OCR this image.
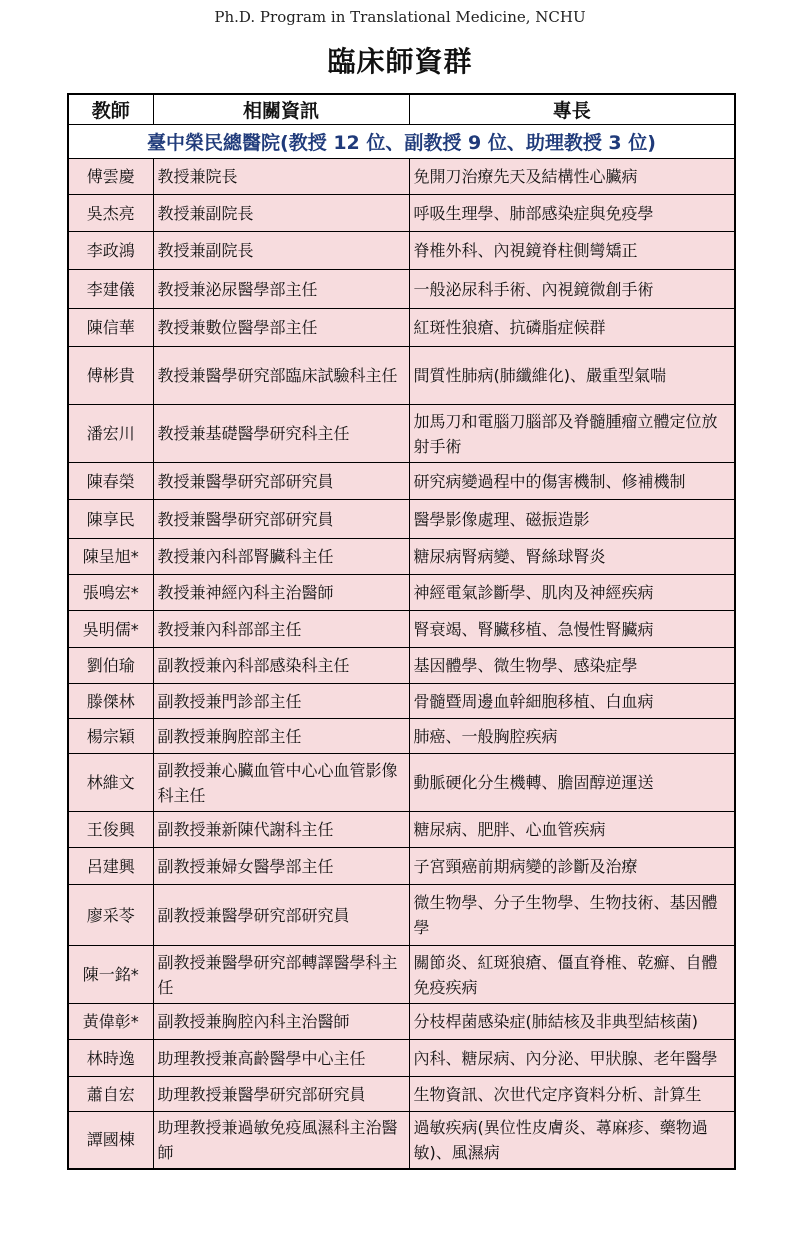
Ph.D. Program in Translational Medicine, NCHU
臨床師資群
教師	相關資訊	專長
臺中榮民總醫院(教授 12 位、副教授 9 位、助理教授 3 位)		
傅雲慶	教授兼院長	免開刀治療先天及結構性心臟病
吳杰亮	教授兼副院長	呼吸生理學、肺部感染症與免疫學
李政鴻	教授兼副院長	脊椎外科、內視鏡脊柱側彎矯正
李建儀	教授兼泌尿醫學部主任	一般泌尿科手術、內視鏡微創手術
陳信華	教授兼數位醫學部主任	紅斑性狼瘡、抗磷脂症候群
傅彬貴	教授兼醫學研究部臨床試驗科主任	間質性肺病(肺纖維化)、嚴重型氣喘
潘宏川	教授兼基礎醫學研究科主任	加馬刀和電腦刀腦部及脊髓腫瘤立體定位放射手術
陳春榮	教授兼醫學研究部研究員	研究病變過程中的傷害機制、修補機制
陳享民	教授兼醫學研究部研究員	醫學影像處理、磁振造影
陳呈旭*	教授兼內科部腎臟科主任	糖尿病腎病變、腎絲球腎炎
張鳴宏*	教授兼神經內科主治醫師	神經電氣診斷學、肌肉及神經疾病
吳明儒*	教授兼內科部部主任	腎衰竭、腎臟移植、急慢性腎臟病
劉伯瑜	副教授兼內科部感染科主任	基因體學、微生物學、感染症學
滕傑林	副教授兼門診部主任	骨髓暨周邊血幹細胞移植、白血病
楊宗穎	副教授兼胸腔部主任	肺癌、一般胸腔疾病
林維文	副教授兼心臟血管中心心血管影像科主任	動脈硬化分生機轉、膽固醇逆運送
王俊興	副教授兼新陳代謝科主任	糖尿病、肥胖、心血管疾病
呂建興	副教授兼婦女醫學部主任	子宮頸癌前期病變的診斷及治療
廖采苓	副教授兼醫學研究部研究員	微生物學、分子生物學、生物技術、基因體學
陳一銘*	副教授兼醫學研究部轉譯醫學科主任	關節炎、紅斑狼瘡、僵直脊椎、乾癬、自體免疫疾病
黃偉彰*	副教授兼胸腔內科主治醫師	分枝桿菌感染症(肺結核及非典型結核菌)
林時逸	助理教授兼高齡醫學中心主任	內科、糖尿病、內分泌、甲狀腺、老年醫學
蕭自宏	助理教授兼醫學研究部研究員	生物資訊、次世代定序資料分析、計算生
譚國棟	助理教授兼過敏免疫風濕科主治醫師	過敏疾病(異位性皮膚炎、蕁麻疹、藥物過敏)、風濕病
